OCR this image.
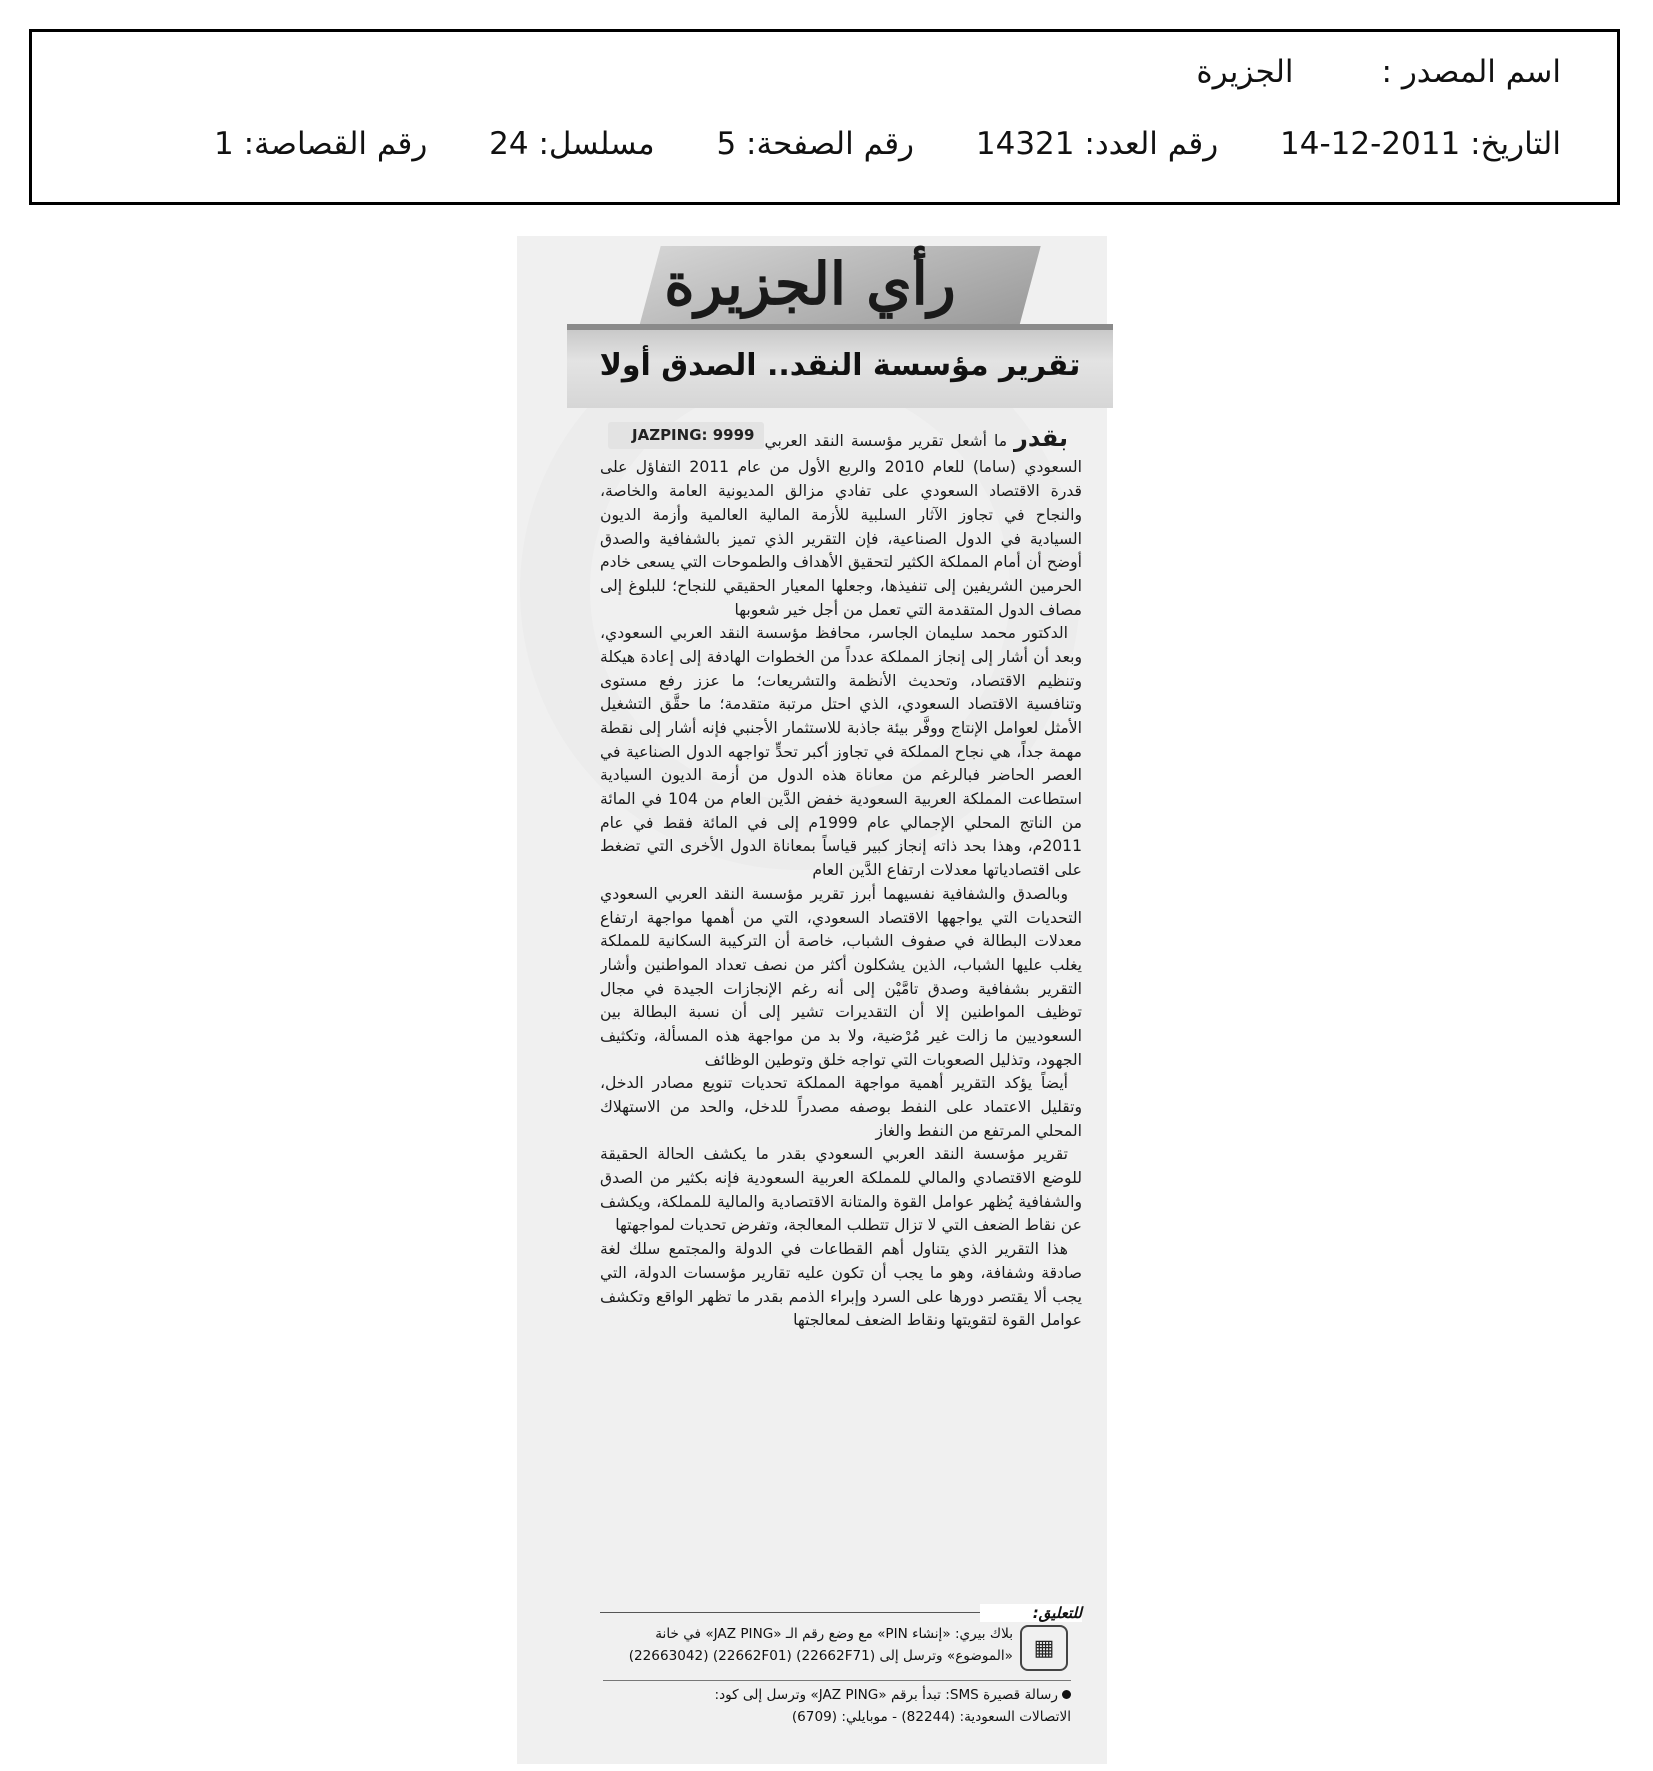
اسم المصدر :الجزيرة
التاريخ: 14-12-2011 رقم العدد: 14321 رقم الصفحة: 5 مسلسل: 24 رقم القصاصة: 1
رأي الجزيرة
تقرير مؤسسة النقد.. الصدق أولا

JAZPING: 9999	بقدر ما أشعل تقرير مؤسسة النقد العربي السعودي (ساما) للعام 2010 والربع الأول من عام 2011 التفاؤل على قدرة الاقتصاد السعودي على تفادي مزالق المديونية العامة والخاصة، والنجاح في تجاوز الآثار السلبية للأزمة المالية العالمية وأزمة الديون السيادية في الدول الصناعية، فإن التقرير الذي تميز بالشفافية والصدق أوضح أن أمام المملكة الكثير لتحقيق الأهداف والطموحات التي يسعى خادم الحرمين الشريفين إلى تنفيذها، وجعلها المعيار الحقيقي للنجاح؛ للبلوغ إلى مصاف الدول المتقدمة التي تعمل من أجل خير شعوبها

الدكتور محمد سليمان الجاسر، محافظ مؤسسة النقد العربي السعودي، وبعد أن أشار إلى إنجاز المملكة عدداً من الخطوات الهادفة إلى إعادة هيكلة وتنظيم الاقتصاد، وتحديث الأنظمة والتشريعات؛ ما عزز رفع مستوى وتنافسية الاقتصاد السعودي، الذي احتل مرتبة متقدمة؛ ما حقَّق التشغيل الأمثل لعوامل الإنتاج ووفَّر بيئة جاذبة للاستثمار الأجنبي فإنه أشار إلى نقطة مهمة جداً، هي نجاح المملكة في تجاوز أكبر تحدٍّ تواجهه الدول الصناعية في العصر الحاضر فبالرغم من معاناة هذه الدول من أزمة الديون السيادية استطاعت المملكة العربية السعودية خفض الدَّين العام من 104 في المائة من الناتج المحلي الإجمالي عام 1999م إلى في المائة فقط في عام 2011م، وهذا بحد ذاته إنجاز كبير قياساً بمعاناة الدول الأخرى التي تضغط على اقتصادياتها معدلات ارتفاع الدَّين العام

وبالصدق والشفافية نفسيهما أبرز تقرير مؤسسة النقد العربي السعودي التحديات التي يواجهها الاقتصاد السعودي، التي من أهمها مواجهة ارتفاع معدلات البطالة في صفوف الشباب، خاصة أن التركيبة السكانية للمملكة يغلب عليها الشباب، الذين يشكلون أكثر من نصف تعداد المواطنين وأشار التقرير بشفافية وصدق تامَّيْن إلى أنه رغم الإنجازات الجيدة في مجال توظيف المواطنين إلا أن التقديرات تشير إلى أن نسبة البطالة بين السعوديين ما زالت غير مُرْضية، ولا بد من مواجهة هذه المسألة، وتكثيف الجهود، وتذليل الصعوبات التي تواجه خلق وتوطين الوظائف

أيضاً يؤكد التقرير أهمية مواجهة المملكة تحديات تنويع مصادر الدخل، وتقليل الاعتماد على النفط بوصفه مصدراً للدخل، والحد من الاستهلاك المحلي المرتفع من النفط والغاز

تقرير مؤسسة النقد العربي السعودي بقدر ما يكشف الحالة الحقيقة للوضع الاقتصادي والمالي للمملكة العربية السعودية فإنه بكثير من الصدق والشفافية يُظهر عوامل القوة والمتانة الاقتصادية والمالية للمملكة، ويكشف عن نقاط الضعف التي لا تزال تتطلب المعالجة، وتفرض تحديات لمواجهتها

هذا التقرير الذي يتناول أهم القطاعات في الدولة والمجتمع سلك لغة صادقة وشفافة، وهو ما يجب أن تكون عليه تقارير مؤسسات الدولة، التي يجب ألا يقتصر دورها على السرد وإبراء الذمم بقدر ما تظهر الواقع وتكشف عوامل القوة لتقويتها ونقاط الضعف لمعالجتها

للتعليق:
▦
بلاك بيري: «إنشاء PIN» مع وضع رقم الـ «JAZ PING» في خانة
«الموضوع» وترسل إلى (22662F71) (22662F01) (22663042)
رسالة قصيرة SMS: تبدأ برقم «JAZ PING» وترسل إلى كود:
الاتصالات السعودية: (82244) - موبايلي: (6709)
